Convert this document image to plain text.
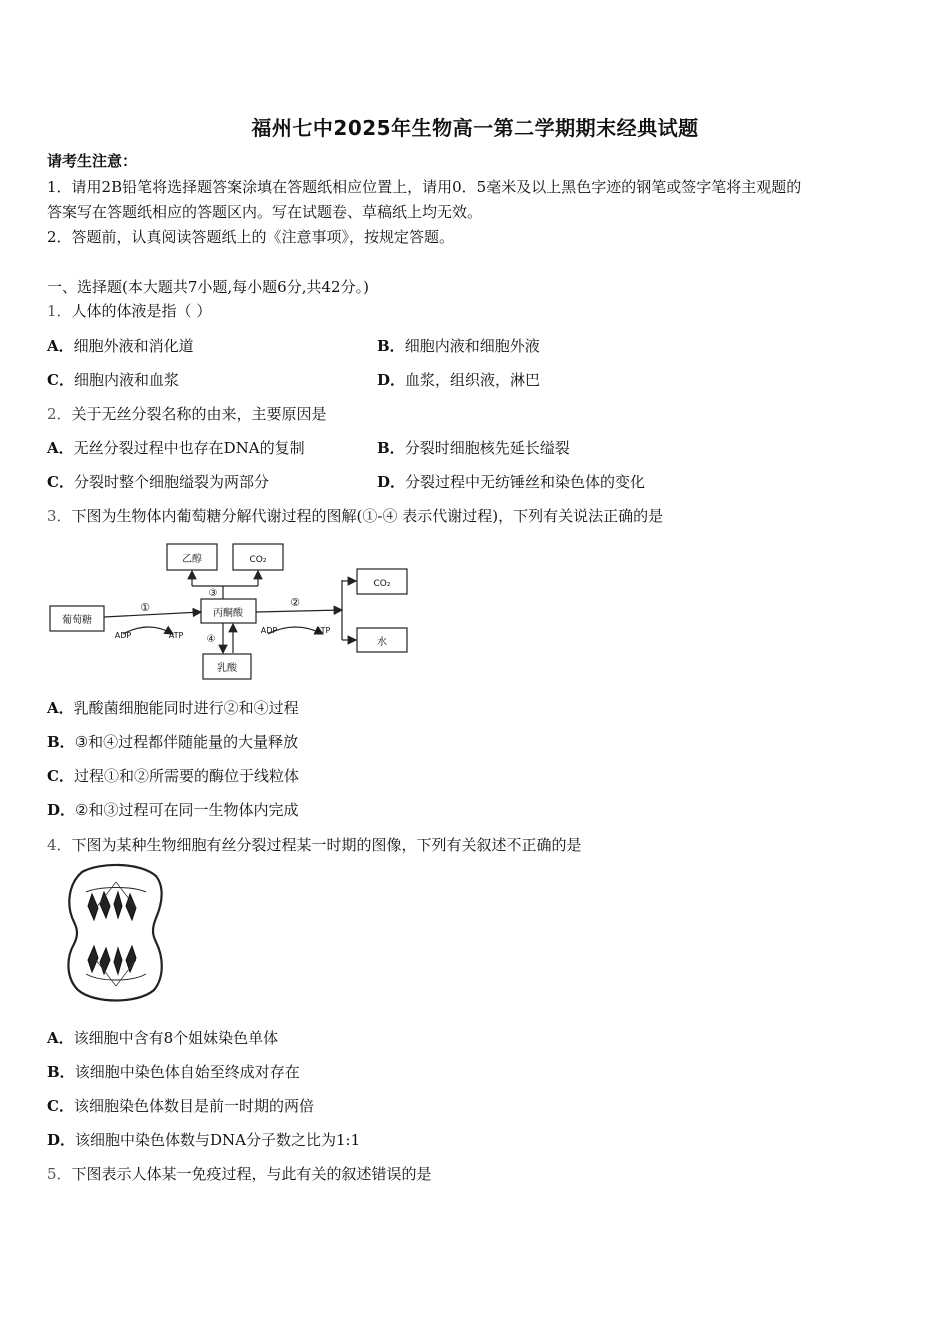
福州七中2025年生物高一第二学期期末经典试题
请考生注意：
1．请用2B铅笔将选择题答案涂填在答题纸相应位置上，请用0．5毫米及以上黑色字迹的钢笔或签字笔将主观题的
答案写在答题纸相应的答题区内。写在试题卷、草稿纸上均无效。
2．答题前，认真阅读答题纸上的《注意事项》，按规定答题。
一、选择题(本大题共7小题,每小题6分,共42分。)
1．人体的体液是指（ ）
A．细胞外液和消化道	B．细胞内液和细胞外液
C．细胞内液和血浆	D．血浆，组织液，淋巴
2．关于无丝分裂名称的由来，主要原因是
A．无丝分裂过程中也存在DNA的复制	B．分裂时细胞核先延长缢裂
C．分裂时整个细胞缢裂为两部分	D．分裂过程中无纺锤丝和染色体的变化
3．下图为生物体内葡萄糖分解代谢过程的图解(①-④ 表示代谢过程)，下列有关说法正确的是
葡萄糖
丙酮酸
乙醇	CO₂
CO₂
水
乳酸
①	②
③
④
ADP	ATP
ADP	ATP
A．乳酸菌细胞能同时进行②和④过程
B．③和④过程都伴随能量的大量释放
C．过程①和②所需要的酶位于线粒体
D．②和③过程可在同一生物体内完成
4．下图为某种生物细胞有丝分裂过程某一时期的图像，下列有关叙述不正确的是
A．该细胞中含有8个姐妹染色单体
B．该细胞中染色体自始至终成对存在
C．该细胞染色体数目是前一时期的两倍
D．该细胞中染色体数与DNA分子数之比为1:1
5．下图表示人体某一免疫过程，与此有关的叙述错误的是
